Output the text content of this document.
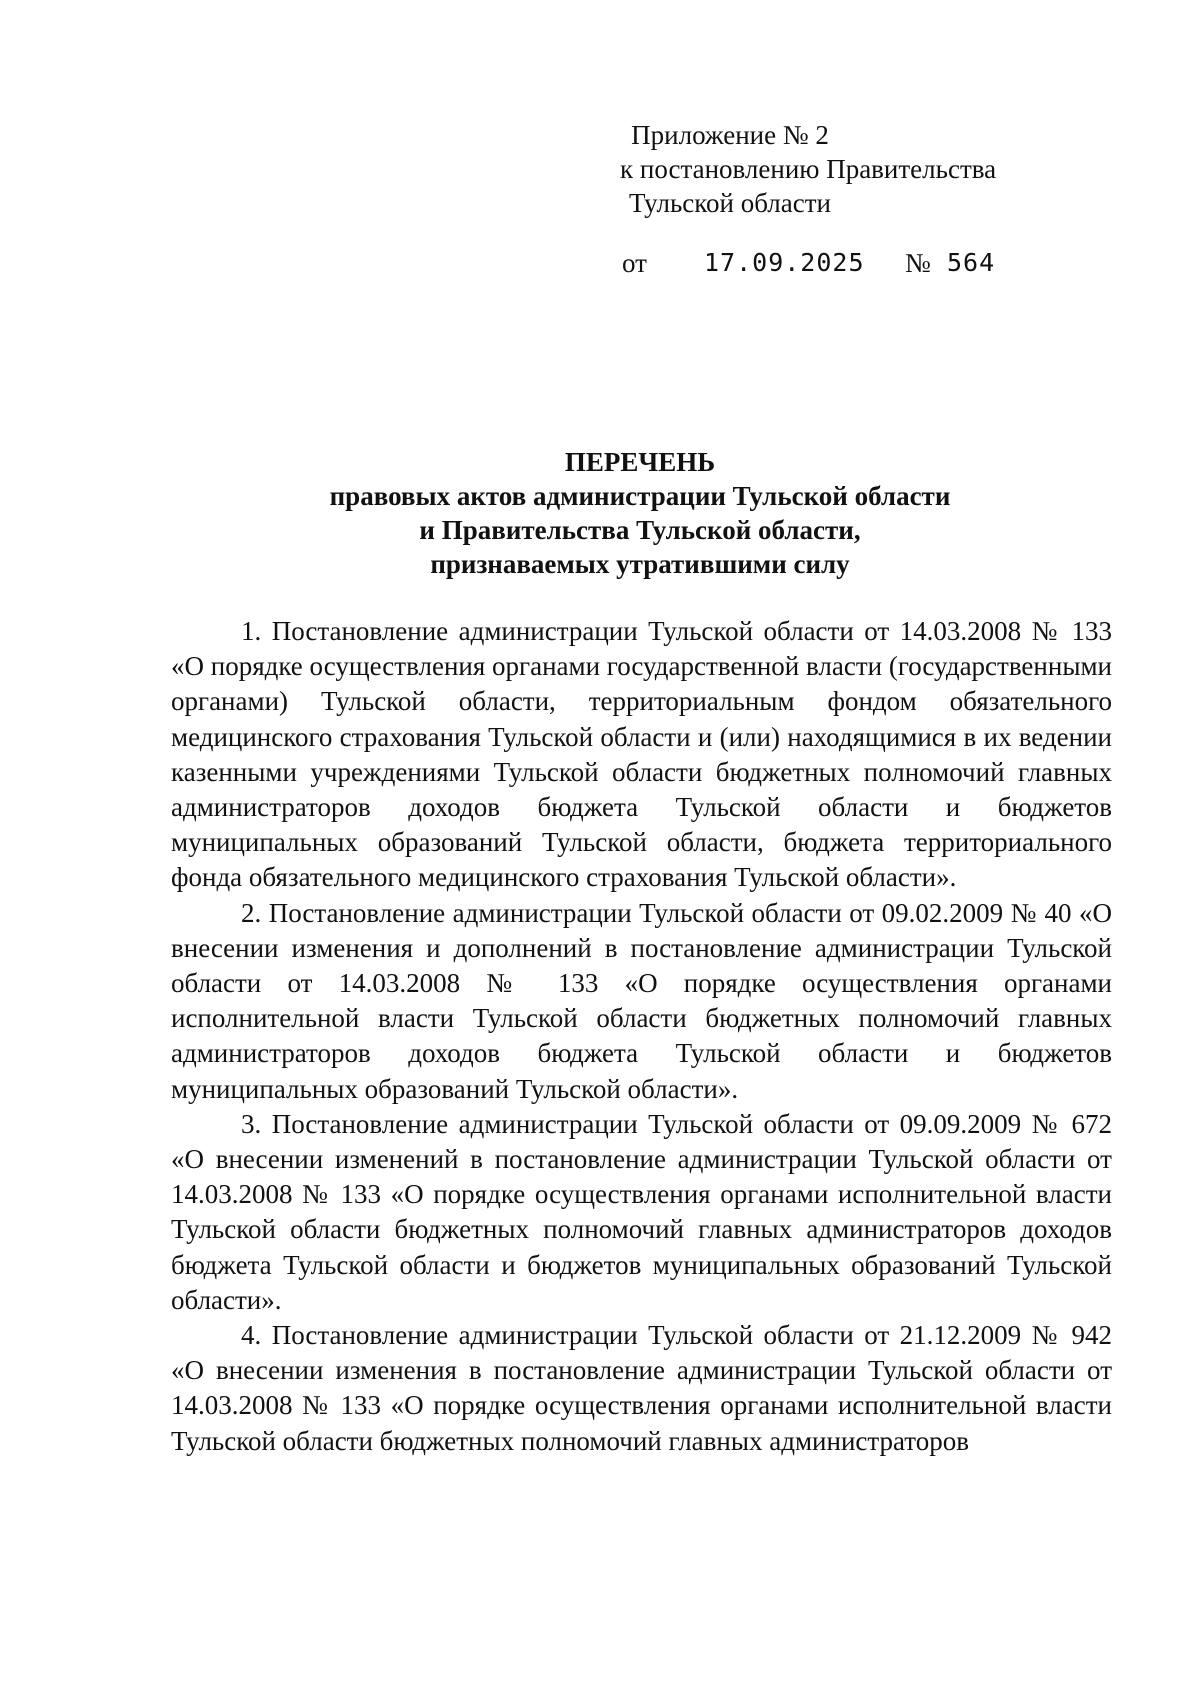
Приложение № 2
к постановлению Правительства
Тульской области
от 17.09.2025 № 564
ПЕРЕЧЕНЬ
правовых актов администрации Тульской области
и Правительства Тульской области,
признаваемых утратившими силу

1. Постановление администрации Тульской области от 14.03.2008 № 133 «О порядке осуществления органами государственной власти (государственными органами) Тульской области, территориальным фондом обязательного медицинского страхования Тульской области и (или) находящимися в их ведении казенными учреждениями Тульской области бюджетных полномочий главных администраторов доходов бюджета Тульской области и бюджетов муниципальных образований Тульской области, бюджета территориального фонда обязательного медицинского страхования Тульской области».

2. Постановление администрации Тульской области от 09.02.2009 № 40 «О внесении изменения и дополнений в постановление администрации Тульской области от 14.03.2008 № 133 «О порядке осуществления органами исполнительной власти Тульской области бюджетных полномочий главных администраторов доходов бюджета Тульской области и бюджетов муниципальных образований Тульской области».

3. Постановление администрации Тульской области от 09.09.2009 № 672 «О внесении изменений в постановление администрации Тульской области от 14.03.2008 № 133 «О порядке осуществления органами исполнительной власти Тульской области бюджетных полномочий главных администраторов доходов бюджета Тульской области и бюджетов муниципальных образований Тульской области».

4. Постановление администрации Тульской области от 21.12.2009 № 942 «О внесении изменения в постановление администрации Тульской области от 14.03.2008 № 133 «О порядке осуществления органами исполнительной власти Тульской области бюджетных полномочий главных администраторов
